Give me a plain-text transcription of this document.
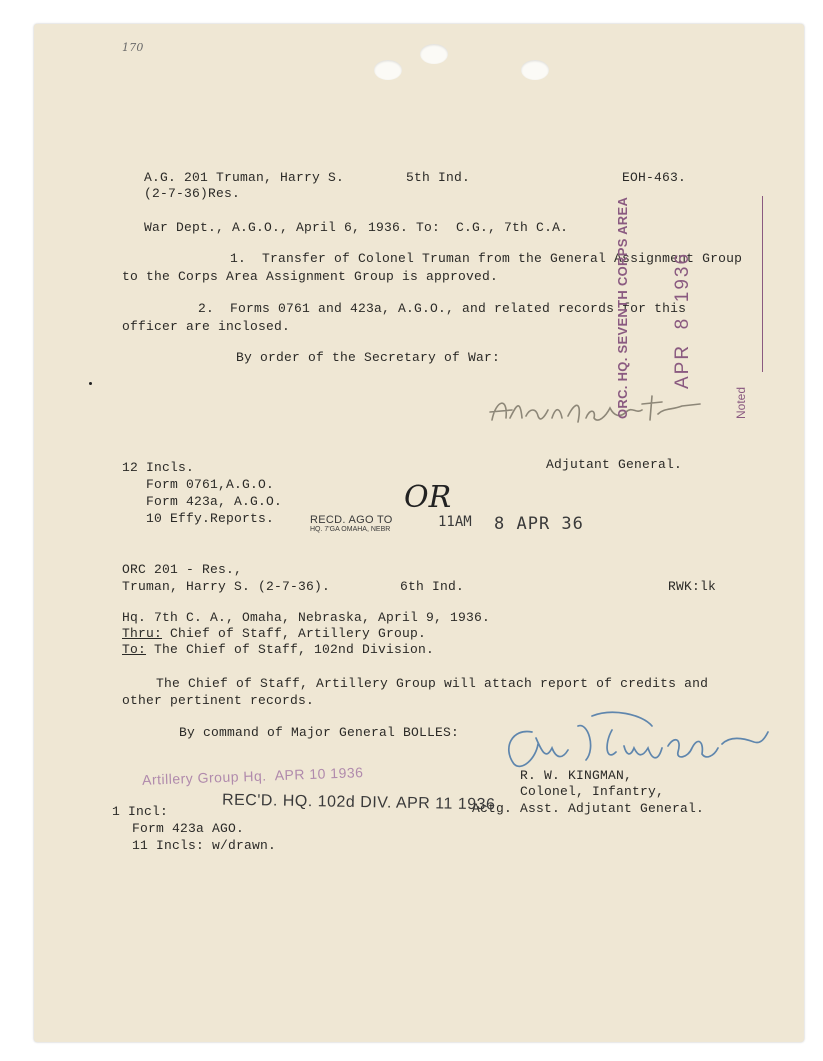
170
A.G. 201 Truman, Harry S.	5th Ind.	EOH-463.
(2-7-36)Res.
War Dept., A.G.O., April 6, 1936. To:  C.G., 7th C.A.
1.  Transfer of Colonel Truman from the General Assignment Group
to the Corps Area Assignment Group is approved.
2.  Forms 0761 and 423a, A.G.O., and related records for this
officer are inclosed.
By order of the Secretary of War:
Alfred J. Booth
Adjutant General.
12 Incls.
Form 0761,A.G.O.
Form 423a, A.G.O.
10 Effy.Reports.	RECD. AGO TO
HQ. 7'GA OMAHA, NEBR	11AM 8 APR 36
OR

ORC. HQ. SEVENTH CORPS AREA

APR  8  1936

Noted

ORC 201 - Res.,
Truman, Harry S. (2-7-36).	6th Ind.	RWK:lk
Hq. 7th C. A., Omaha, Nebraska, April 9, 1936.
Thru: Chief of Staff, Artillery Group.
To: The Chief of Staff, 102nd Division.
The Chief of Staff, Artillery Group will attach report of credits and
other pertinent records.
By command of Major General BOLLES:
R. W. Kingman
R. W. KINGMAN,
Colonel, Infantry,
Actg. Asst. Adjutant General.
Artillery Group Hq.  APR 10 1936
REC'D. HQ. 102d DIV. APR 11 1936
1 Incl:
Form 423a AGO.
11 Incls: w/drawn.
